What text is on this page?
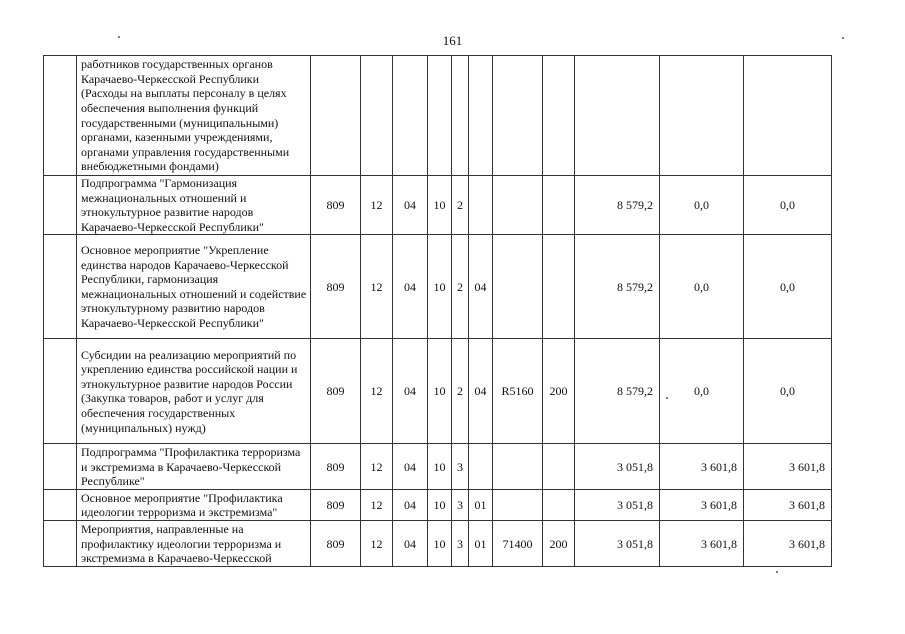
161
	работников государственных органов Карачаево-Черкесской Республики (Расходы на выплаты персоналу в целях обеспечения выполнения функций государственными (муниципальными) органами, казенными учреждениями, органами управления государственными внебюджетными фондами)											
	Подпрограмма "Гармонизация межнациональных отношений и этнокультурное развитие народов Карачаево-Черкесской Республики"	809	12	04	10	2				8 579,2	0,0	0,0
	Основное мероприятие "Укрепление единства народов Карачаево-Черкесской Республики, гармонизация межнациональных отношений и содействие этнокультурному развитию народов Карачаево-Черкесской Республики"	809	12	04	10	2	04			8 579,2	0,0	0,0
	Субсидии на реализацию мероприятий по укреплению единства российской нации и этнокультурное развитие народов России (Закупка товаров, работ и услуг для обеспечения государственных (муниципальных) нужд)	809	12	04	10	2	04	R5160	200	8 579,2	0,0	0,0
	Подпрограмма "Профилактика терроризма и экстремизма в Карачаево-Черкесской Республике"	809	12	04	10	3				3 051,8	3 601,8	3 601,8
	Основное мероприятие "Профилактика идеологии терроризма и экстремизма"	809	12	04	10	3	01			3 051,8	3 601,8	3 601,8
	Мероприятия, направленные на профилактику идеологии терроризма и экстремизма в Карачаево-Черкесской	809	12	04	10	3	01	71400	200	3 051,8	3 601,8	3 601,8
